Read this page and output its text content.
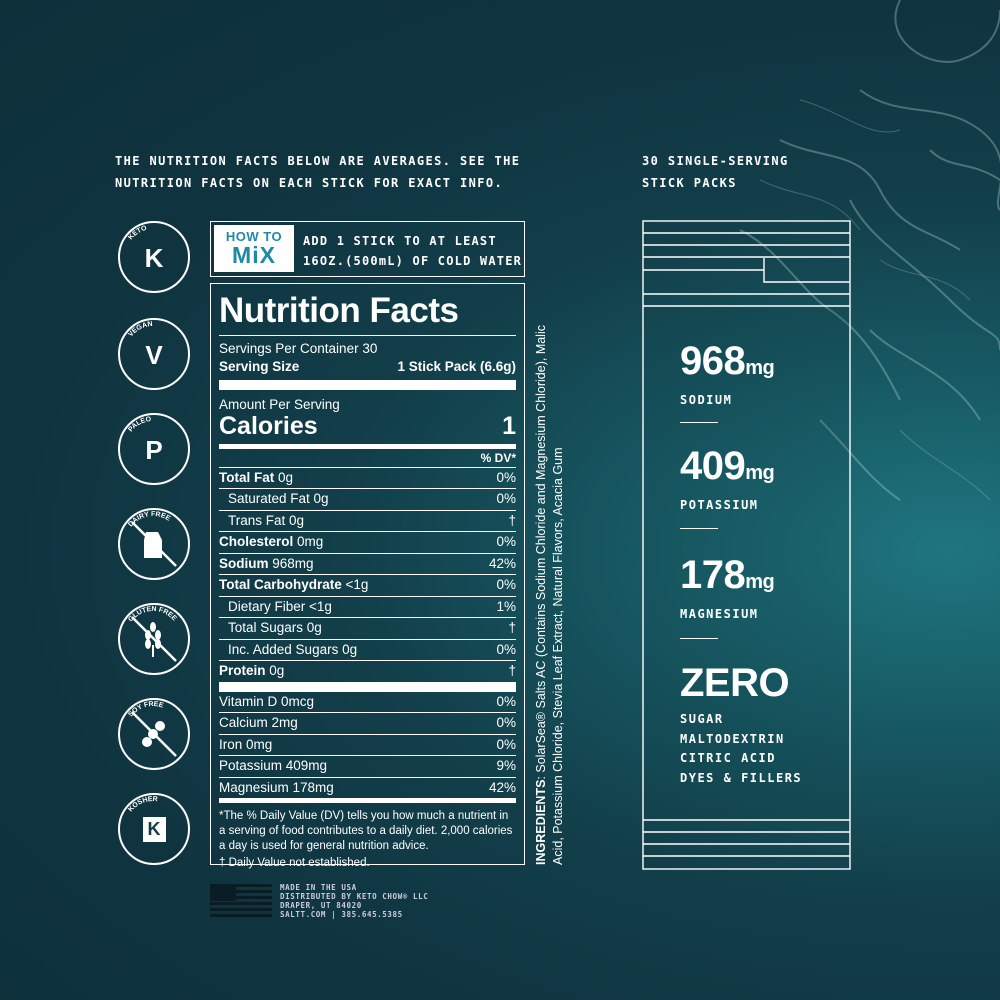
THE NUTRITION FACTS BELOW ARE AVERAGES. SEE THE
NUTRITION FACTS ON EACH STICK FOR EXACT INFO.
30 SINGLE-SERVING
STICK PACKS
KETO
K
VEGAN
V
PALEO
P
DAIRY FREE
GLUTEN FREE
SOY FREE
KOSHER
K
HOW TO
MiX
ADD 1 STICK TO AT LEAST
16OZ.(500mL) OF COLD WATER
Nutrition Facts
Servings Per Container 30
Serving Size	1 Stick Pack (6.6g)
Amount Per Serving
Calories	1
% DV*
Total Fat 0g	0%
Saturated Fat 0g	0%
Trans Fat 0g	†
Cholesterol 0mg	0%
Sodium 968mg	42%
Total Carbohydrate <1g	0%
Dietary Fiber <1g	1%
Total Sugars 0g	†
Inc. Added Sugars 0g	0%
Protein 0g	†
Vitamin D 0mcg	0%
Calcium 2mg	0%
Iron 0mg	0%
Potassium 409mg	9%
Magnesium 178mg	42%
*The % Daily Value (DV) tells you how much a nutrient in a serving of food contributes to a daily diet. 2,000 calories a day is used for general nutrition advice.
† Daily Value not established.	INGREDIENTS: SolarSea® Salts AC (Contains Sodium Chloride and Magnesium Chloride), Malic Acid, Potassium Chloride, Stevia Leaf Extract, Natural Flavors, Acacia Gum
MADE IN THE USA
DISTRIBUTED BY KETO CHOW® LLC
DRAPER, UT 84020
SALTT.COM | 385.645.5385
968mg
SODIUM
409mg
POTASSIUM
178mg
MAGNESIUM
ZERO
SUGAR
MALTODEXTRIN
CITRIC ACID
DYES & FILLERS
